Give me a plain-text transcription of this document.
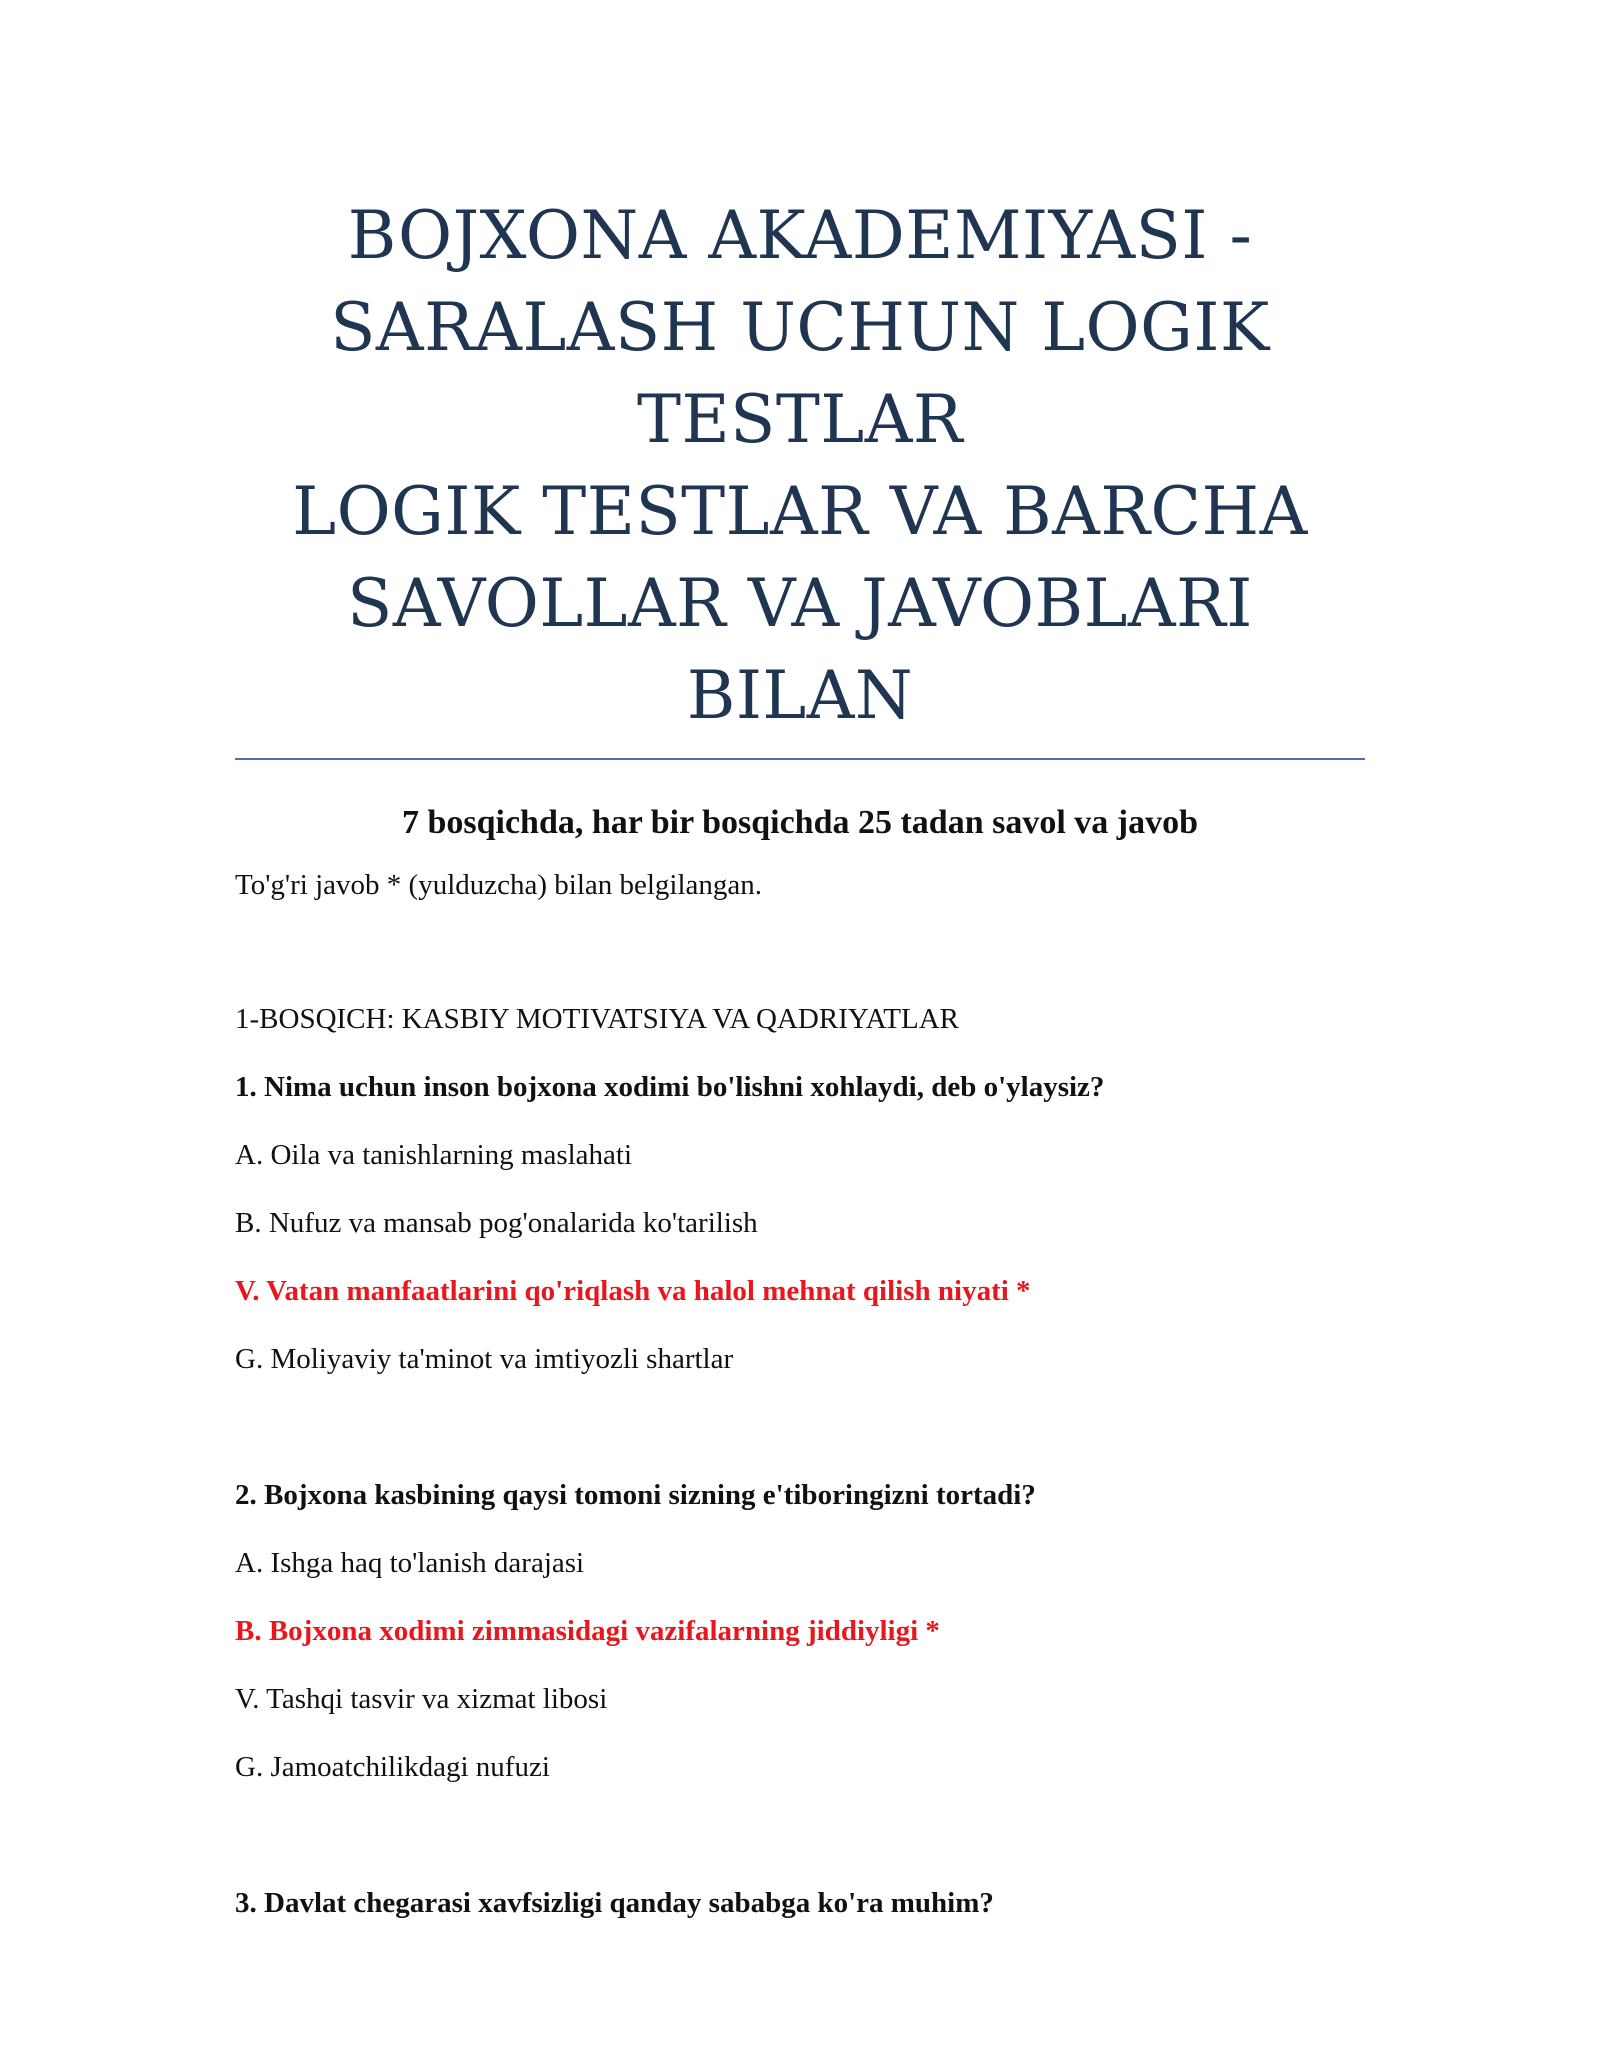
BOJXONA AKADEMIYASI -
SARALASH UCHUN LOGIK
TESTLAR
LOGIK TESTLAR VA BARCHA
SAVOLLAR VA JAVOBLARI BILAN

7 bosqichda, har bir bosqichda 25 tadan savol va javob

To'g'ri javob * (yulduzcha) bilan belgilangan.

1-BOSQICH: KASBIY MOTIVATSIYA VA QADRIYATLAR

1. Nima uchun inson bojxona xodimi bo'lishni xohlaydi, deb o'ylaysiz?

A. Oila va tanishlarning maslahati

B. Nufuz va mansab pog'onalarida ko'tarilish

V. Vatan manfaatlarini qo'riqlash va halol mehnat qilish niyati *

G. Moliyaviy ta'minot va imtiyozli shartlar

2. Bojxona kasbining qaysi tomoni sizning e'tiboringizni tortadi?

A. Ishga haq to'lanish darajasi

B. Bojxona xodimi zimmasidagi vazifalarning jiddiyligi *

V. Tashqi tasvir va xizmat libosi

G. Jamoatchilikdagi nufuzi

3. Davlat chegarasi xavfsizligi qanday sababga ko'ra muhim?
